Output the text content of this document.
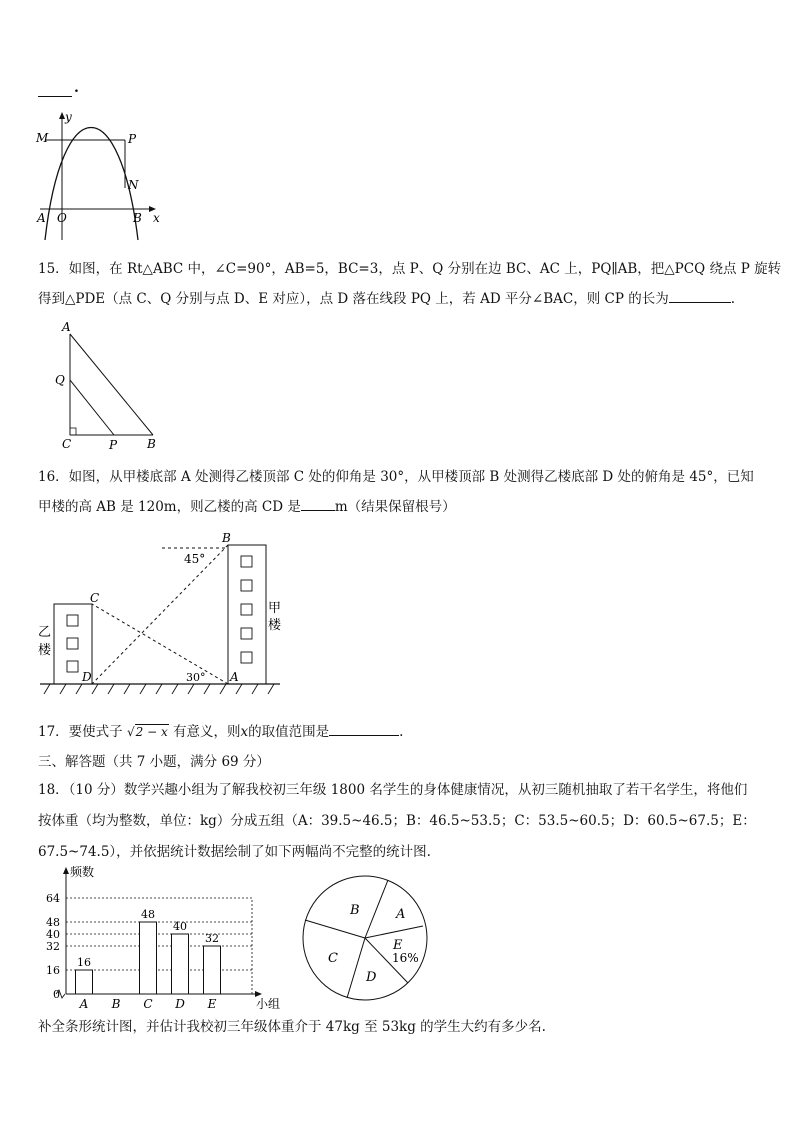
.
y
M	P
N
A O	B x
15．如图，在 Rt△ABC 中，∠C=90°，AB=5，BC=3，点 P、Q 分别在边 BC、AC 上，PQ∥AB，把△PCQ 绕点 P 旋转
得到△PDE（点 C、Q 分别与点 D、E 对应），点 D 落在线段 PQ 上，若 AD 平分∠BAC，则 CP 的长为	.
A
Q
C	P B
16．如图，从甲楼底部 A 处测得乙楼顶部 C 处的仰角是 30°，从甲楼顶部 B 处测得乙楼底部 D 处的俯角是 45°，已知
甲楼的高 AB 是 120m，则乙楼的高 CD 是	m（结果保留根号）
B
45°
C
D	30° A
乙
楼
甲
楼
17．要使式子 √2 − x 有意义，则x的取值范围是	.
三、解答题（共 7 小题，满分 69 分）
18．（10 分）数学兴趣小组为了解我校初三年级 1800 名学生的身体健康情况，从初三随机抽取了若干名学生，将他们
按体重（均为整数，单位：kg）分成五组（A：39.5~46.5；B：46.5~53.5；C：53.5~60.5；D：60.5~67.5；E：
67.5~74.5），并依据统计数据绘制了如下两幅尚不完整的统计图.
频数
小组
0
16
32
40
48
64
16
A B
48
C
40
D
32
E
B	A
E
16%
C
D
补全条形统计图，并估计我校初三年级体重介于 47kg 至 53kg 的学生大约有多少名.
